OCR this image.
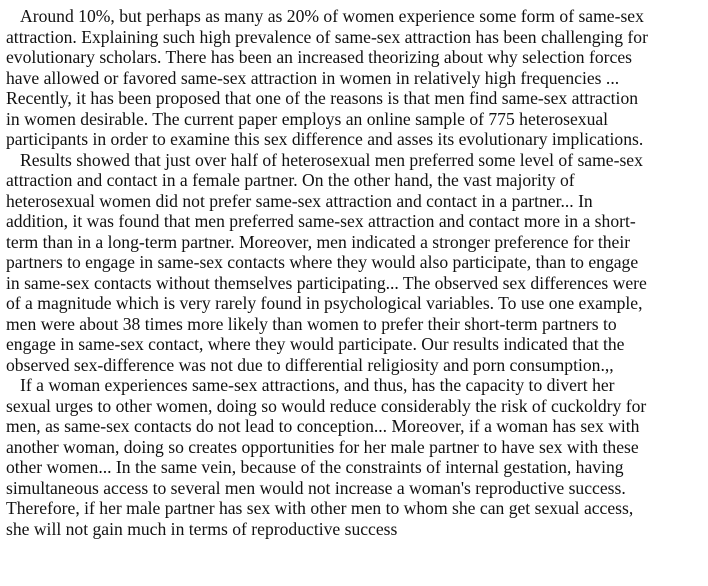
Around 10%, but perhaps as many as 20% of women experience some form of same-sex
attraction. Explaining such high prevalence of same-sex attraction has been challenging for
evolutionary scholars. There has been an increased theorizing about why selection forces
have allowed or favored same-sex attraction in women in relatively high frequencies ...
Recently, it has been proposed that one of the reasons is that men find same-sex attraction
in women desirable. The current paper employs an online sample of 775 heterosexual
participants in order to examine this sex difference and asses its evolutionary implications.

Results showed that just over half of heterosexual men preferred some level of same-sex
attraction and contact in a female partner. On the other hand, the vast majority of
heterosexual women did not prefer same-sex attraction and contact in a partner... In
addition, it was found that men preferred same-sex attraction and contact more in a short-
term than in a long-term partner. Moreover, men indicated a stronger preference for their
partners to engage in same-sex contacts where they would also participate, than to engage
in same-sex contacts without themselves participating... The observed sex differences were
of a magnitude which is very rarely found in psychological variables. To use one example,
men were about 38 times more likely than women to prefer their short-term partners to
engage in same-sex contact, where they would participate. Our results indicated that the
observed sex-difference was not due to differential religiosity and porn consumption.,,

If a woman experiences same-sex attractions, and thus, has the capacity to divert her
sexual urges to other women, doing so would reduce considerably the risk of cuckoldry for
men, as same-sex contacts do not lead to conception... Moreover, if a woman has sex with
another woman, doing so creates opportunities for her male partner to have sex with these
other women... In the same vein, because of the constraints of internal gestation, having
simultaneous access to several men would not increase a woman's reproductive success.
Therefore, if her male partner has sex with other men to whom she can get sexual access,
she will not gain much in terms of reproductive success
